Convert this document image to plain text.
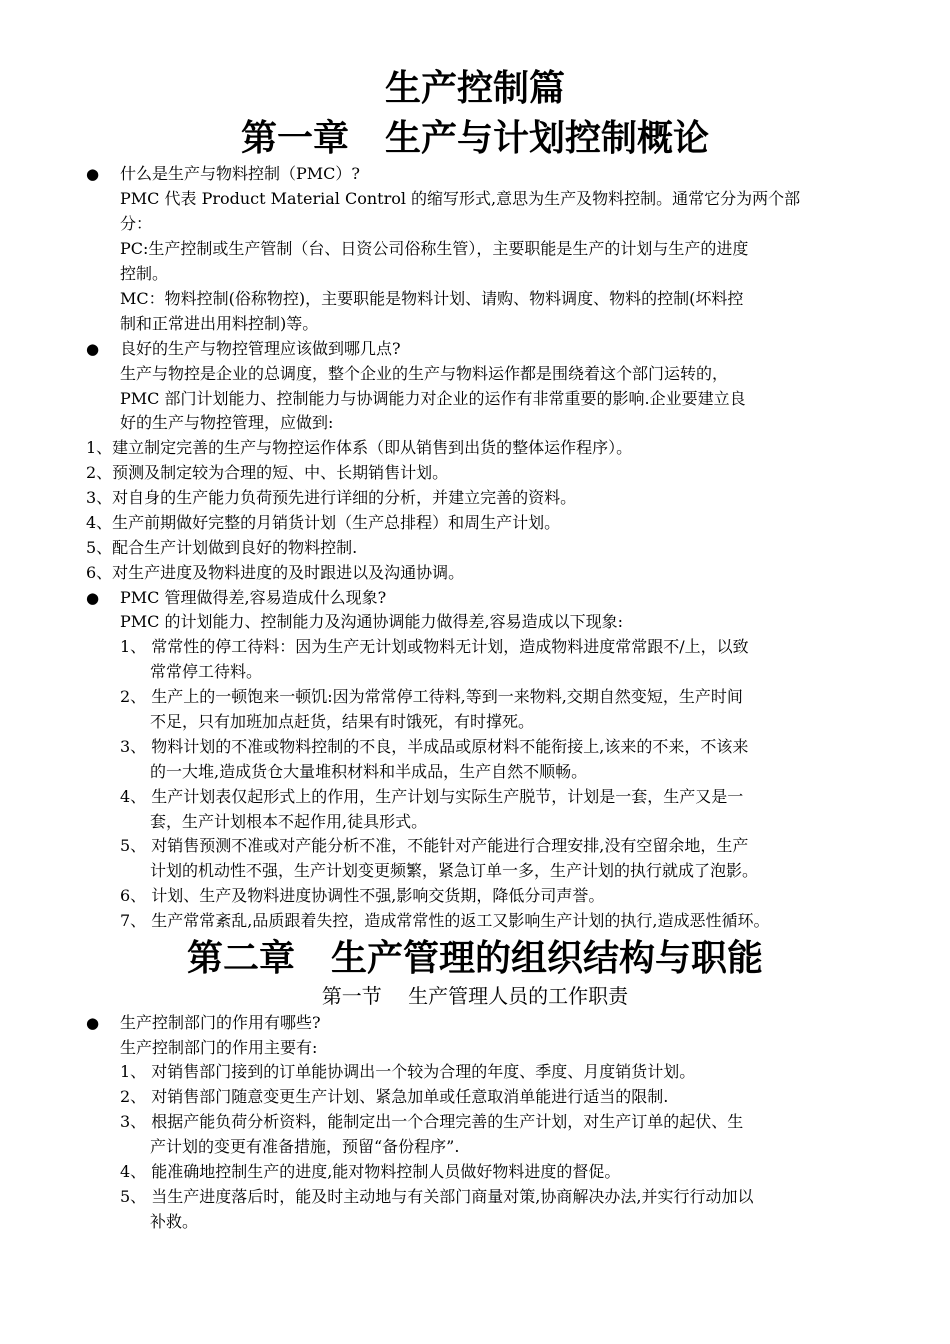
生产控制篇
第一章　生产与计划控制概论
● 什么是生产与物料控制（PMC）?
PMC 代表 Product Material Control 的缩写形式,意思为生产及物料控制。通常它分为两个部
分：
PC:生产控制或生产管制（台、日资公司俗称生管），主要职能是生产的计划与生产的进度
控制。
MC：物料控制(俗称物控)，主要职能是物料计划、请购、物料调度、物料的控制(坏料控
制和正常进出用料控制)等。
● 良好的生产与物控管理应该做到哪几点?
生产与物控是企业的总调度，整个企业的生产与物料运作都是围绕着这个部门运转的，
PMC 部门计划能力、控制能力与协调能力对企业的运作有非常重要的影响.企业要建立良
好的生产与物控管理，应做到:
1、建立制定完善的生产与物控运作体系（即从销售到出货的整体运作程序）。
2、预测及制定较为合理的短、中、长期销售计划。
3、对自身的生产能力负荷预先进行详细的分析，并建立完善的资料。
4、生产前期做好完整的月销货计划（生产总排程）和周生产计划。
5、配合生产计划做到良好的物料控制.
6、对生产进度及物料进度的及时跟进以及沟通协调。
● PMC 管理做得差,容易造成什么现象?
PMC 的计划能力、控制能力及沟通协调能力做得差,容易造成以下现象:
1、 常常性的停工待料：因为生产无计划或物料无计划，造成物料进度常常跟不/上，以致
常常停工待料。
2、 生产上的一顿饱来一顿饥:因为常常停工待料,等到一来物料,交期自然变短，生产时间
不足，只有加班加点赶货，结果有时饿死，有时撑死。
3、 物料计划的不准或物料控制的不良，半成品或原材料不能衔接上,该来的不来，不该来
的一大堆,造成货仓大量堆积材料和半成品，生产自然不顺畅。
4、 生产计划表仅起形式上的作用，生产计划与实际生产脱节，计划是一套，生产又是一
套，生产计划根本不起作用,徒具形式。
5、 对销售预测不准或对产能分析不准，不能针对产能进行合理安排,没有空留余地，生产
计划的机动性不强，生产计划变更频繁，紧急订单一多，生产计划的执行就成了泡影。
6、 计划、生产及物料进度协调性不强,影响交货期，降低分司声誉。
7、 生产常常紊乱,品质跟着失控，造成常常性的返工又影响生产计划的执行,造成恶性循环。
第二章　生产管理的组织结构与职能
第一节　 生产管理人员的工作职责
● 生产控制部门的作用有哪些?
生产控制部门的作用主要有:
1、 对销售部门接到的订单能协调出一个较为合理的年度、季度、月度销货计划。
2、 对销售部门随意变更生产计划、紧急加单或任意取消单能进行适当的限制.
3、 根据产能负荷分析资料，能制定出一个合理完善的生产计划，对生产订单的起伏、生
产计划的变更有准备措施，预留“备份程序”.
4、 能准确地控制生产的进度,能对物料控制人员做好物料进度的督促。
5、 当生产进度落后时，能及时主动地与有关部门商量对策,协商解决办法,并实行行动加以
补救。
